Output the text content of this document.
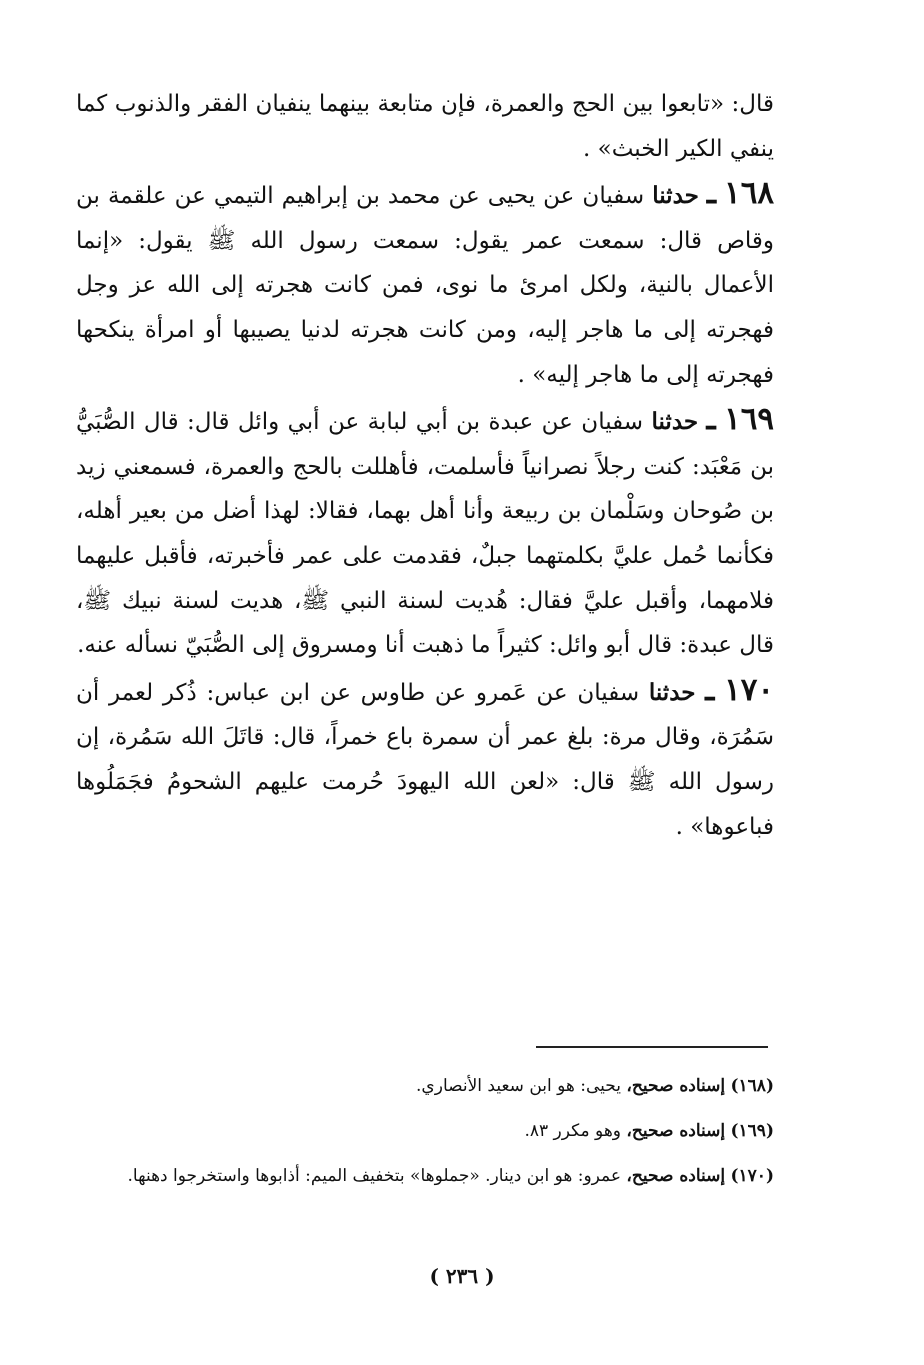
قال: «تابعوا بين الحج والعمرة، فإن متابعة بينهما ينفيان الفقر والذنوب كما ينفي الكير الخبث» .

١٦٨ ـ حدثنا سفيان عن يحيى عن محمد بن إبراهيم التيمي عن علقمة بن وقاص قال: سمعت عمر يقول: سمعت رسول الله ﷺ يقول: «إنما الأعمال بالنية، ولكل امرئ ما نوى، فمن كانت هجرته إلى الله عز وجل فهجرته إلى ما هاجر إليه، ومن كانت هجرته لدنيا يصيبها أو امرأة ينكحها فهجرته إلى ما هاجر إليه» .

١٦٩ ـ حدثنا سفيان عن عبدة بن أبي لبابة عن أبي وائل قال: قال الصُّبَيُّ بن مَعْبَد: كنت رجلاً نصرانياً فأسلمت، فأهللت بالحج والعمرة، فسمعني زيد بن صُوحان وسَلْمان بن ربيعة وأنا أهل بهما، فقالا: لهذا أضل من بعير أهله، فكأنما حُمل عليَّ بكلمتهما جبلٌ، فقدمت على عمر فأخبرته، فأقبل عليهما فلامهما، وأقبل عليَّ فقال: هُديت لسنة النبي ﷺ، هديت لسنة نبيك ﷺ، قال عبدة: قال أبو وائل: كثيراً ما ذهبت أنا ومسروق إلى الصُّبَيّ نسأله عنه.

١٧٠ ـ حدثنا سفيان عن عَمرو عن طاوس عن ابن عباس: ذُكر لعمر أن سَمُرَة، وقال مرة: بلغ عمر أن سمرة باع خمراً، قال: قاتَلَ الله سَمُرة، إن رسول الله ﷺ قال: «لعن الله اليهودَ حُرمت عليهم الشحومُ فجَمَلُوها فباعوها» .

(١٦٨) إسناده صحيح، يحيى: هو ابن سعيد الأنصاري.

(١٦٩) إسناده صحيح، وهو مكرر ٨٣.

(١٧٠) إسناده صحيح، عمرو: هو ابن دينار. «جملوها» بتخفيف الميم: أذابوها واستخرجوا دهنها.

( ٢٣٦ )
